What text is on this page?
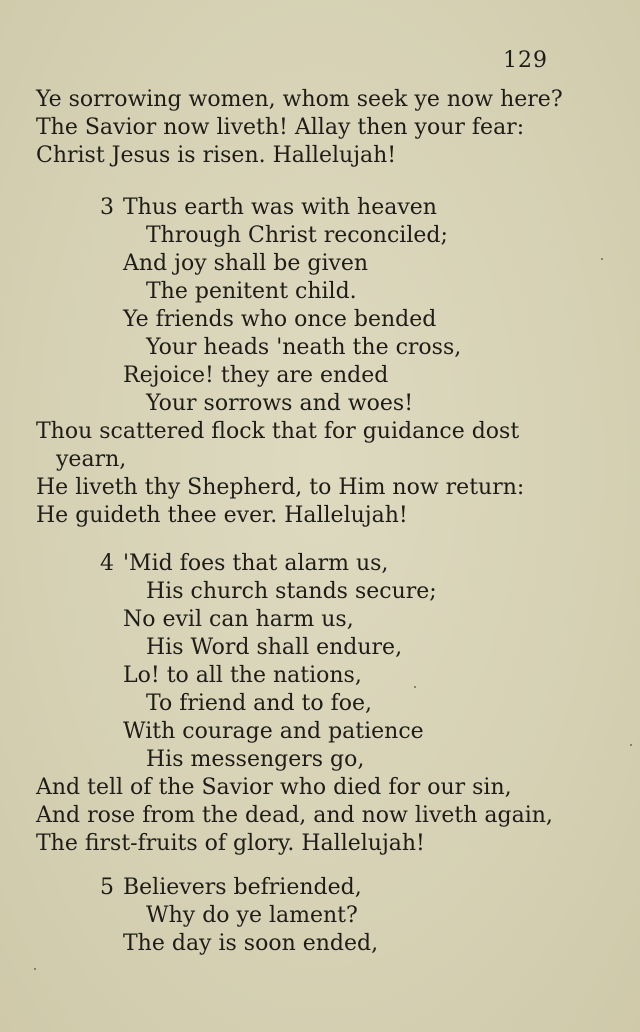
129
Ye sorrowing women, whom seek ye now here?
The Savior now liveth! Allay then your fear:
Christ Jesus is risen. Hallelujah!
3 Thus earth was with heaven
Through Christ reconciled;
And joy shall be given
The penitent child.
Ye friends who once bended
Your heads 'neath the cross,
Rejoice! they are ended
Your sorrows and woes!
Thou scattered flock that for guidance dost
yearn,
He liveth thy Shepherd, to Him now return:
He guideth thee ever. Hallelujah!
4 'Mid foes that alarm us,
His church stands secure;
No evil can harm us,
His Word shall endure,
Lo! to all the nations,
To friend and to foe,
With courage and patience
His messengers go,
And tell of the Savior who died for our sin,
And rose from the dead, and now liveth again,
The first-fruits of glory. Hallelujah!
5 Believers befriended,
Why do ye lament?
The day is soon ended,
